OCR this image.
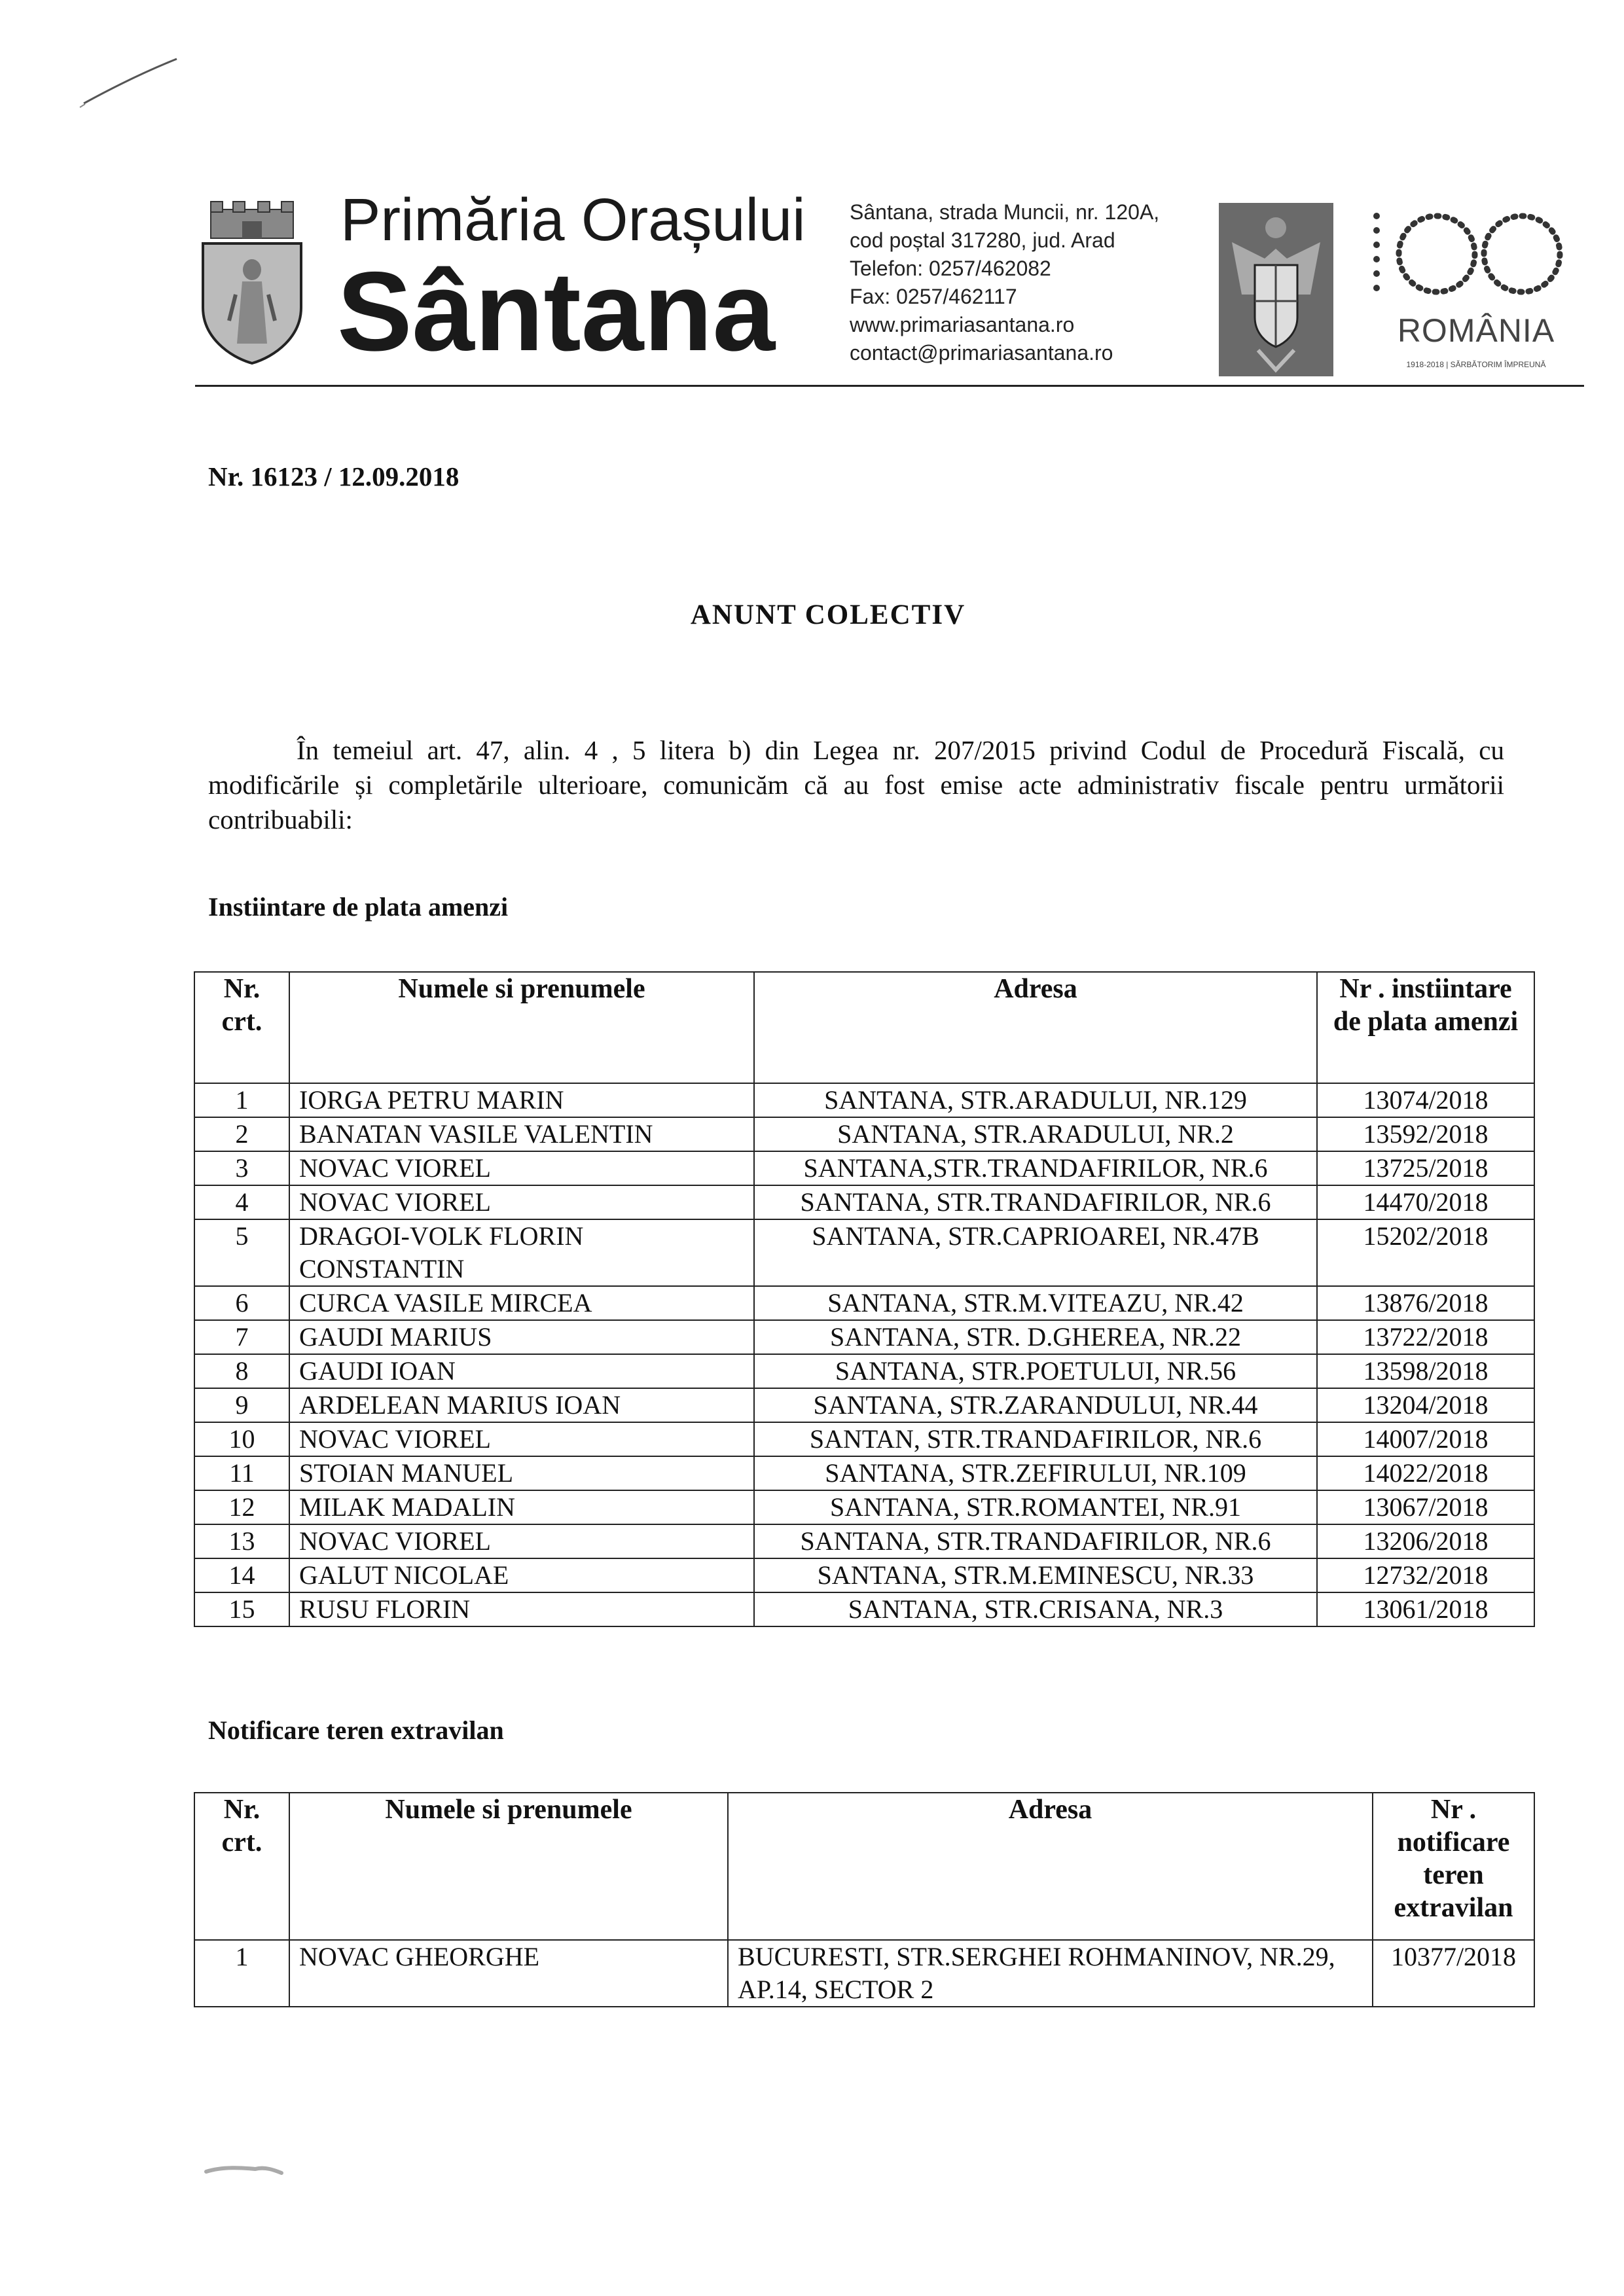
Primăria Orașului
Sântana
Sântana, strada Muncii, nr. 120A,
cod poștal 317280, jud. Arad
Telefon: 0257/462082
Fax: 0257/462117
www.primariasantana.ro
contact@primariasantana.ro
ROMÂNIA
1918-2018 | SĂRBĂTORIM ÎMPREUNĂ
Nr. 16123 / 12.09.2018
ANUNT COLECTIV

În temeiul art. 47, alin. 4 , 5 litera b) din Legea nr. 207/2015 privind Codul de Procedură Fiscală, cu modificările și completările ulterioare, comunicăm că au fost emise acte administrativ fiscale pentru următorii contribuabili:

Instiintare de plata amenzi
Nr. crt.	Numele si prenumele	Adresa	Nr . instiintare de plata amenzi
1	IORGA PETRU MARIN	SANTANA, STR.ARADULUI, NR.129	13074/2018
2	BANATAN VASILE VALENTIN	SANTANA, STR.ARADULUI, NR.2	13592/2018
3	NOVAC VIOREL	SANTANA,STR.TRANDAFIRILOR, NR.6	13725/2018
4	NOVAC VIOREL	SANTANA, STR.TRANDAFIRILOR, NR.6	14470/2018
5	DRAGOI-VOLK FLORIN CONSTANTIN	SANTANA, STR.CAPRIOAREI, NR.47B	15202/2018
6	CURCA VASILE MIRCEA	SANTANA, STR.M.VITEAZU, NR.42	13876/2018
7	GAUDI MARIUS	SANTANA, STR. D.GHEREA, NR.22	13722/2018
8	GAUDI IOAN	SANTANA, STR.POETULUI, NR.56	13598/2018
9	ARDELEAN MARIUS IOAN	SANTANA, STR.ZARANDULUI, NR.44	13204/2018
10	NOVAC VIOREL	SANTAN, STR.TRANDAFIRILOR, NR.6	14007/2018
11	STOIAN MANUEL	SANTANA, STR.ZEFIRULUI, NR.109	14022/2018
12	MILAK MADALIN	SANTANA, STR.ROMANTEI, NR.91	13067/2018
13	NOVAC VIOREL	SANTANA, STR.TRANDAFIRILOR, NR.6	13206/2018
14	GALUT NICOLAE	SANTANA, STR.M.EMINESCU, NR.33	12732/2018
15	RUSU FLORIN	SANTANA, STR.CRISANA, NR.3	13061/2018
Notificare teren extravilan
Nr. crt.	Numele si prenumele	Adresa	Nr . notificare teren extravilan
1	NOVAC GHEORGHE	BUCURESTI, STR.SERGHEI ROHMANINOV, NR.29, AP.14, SECTOR 2	10377/2018
